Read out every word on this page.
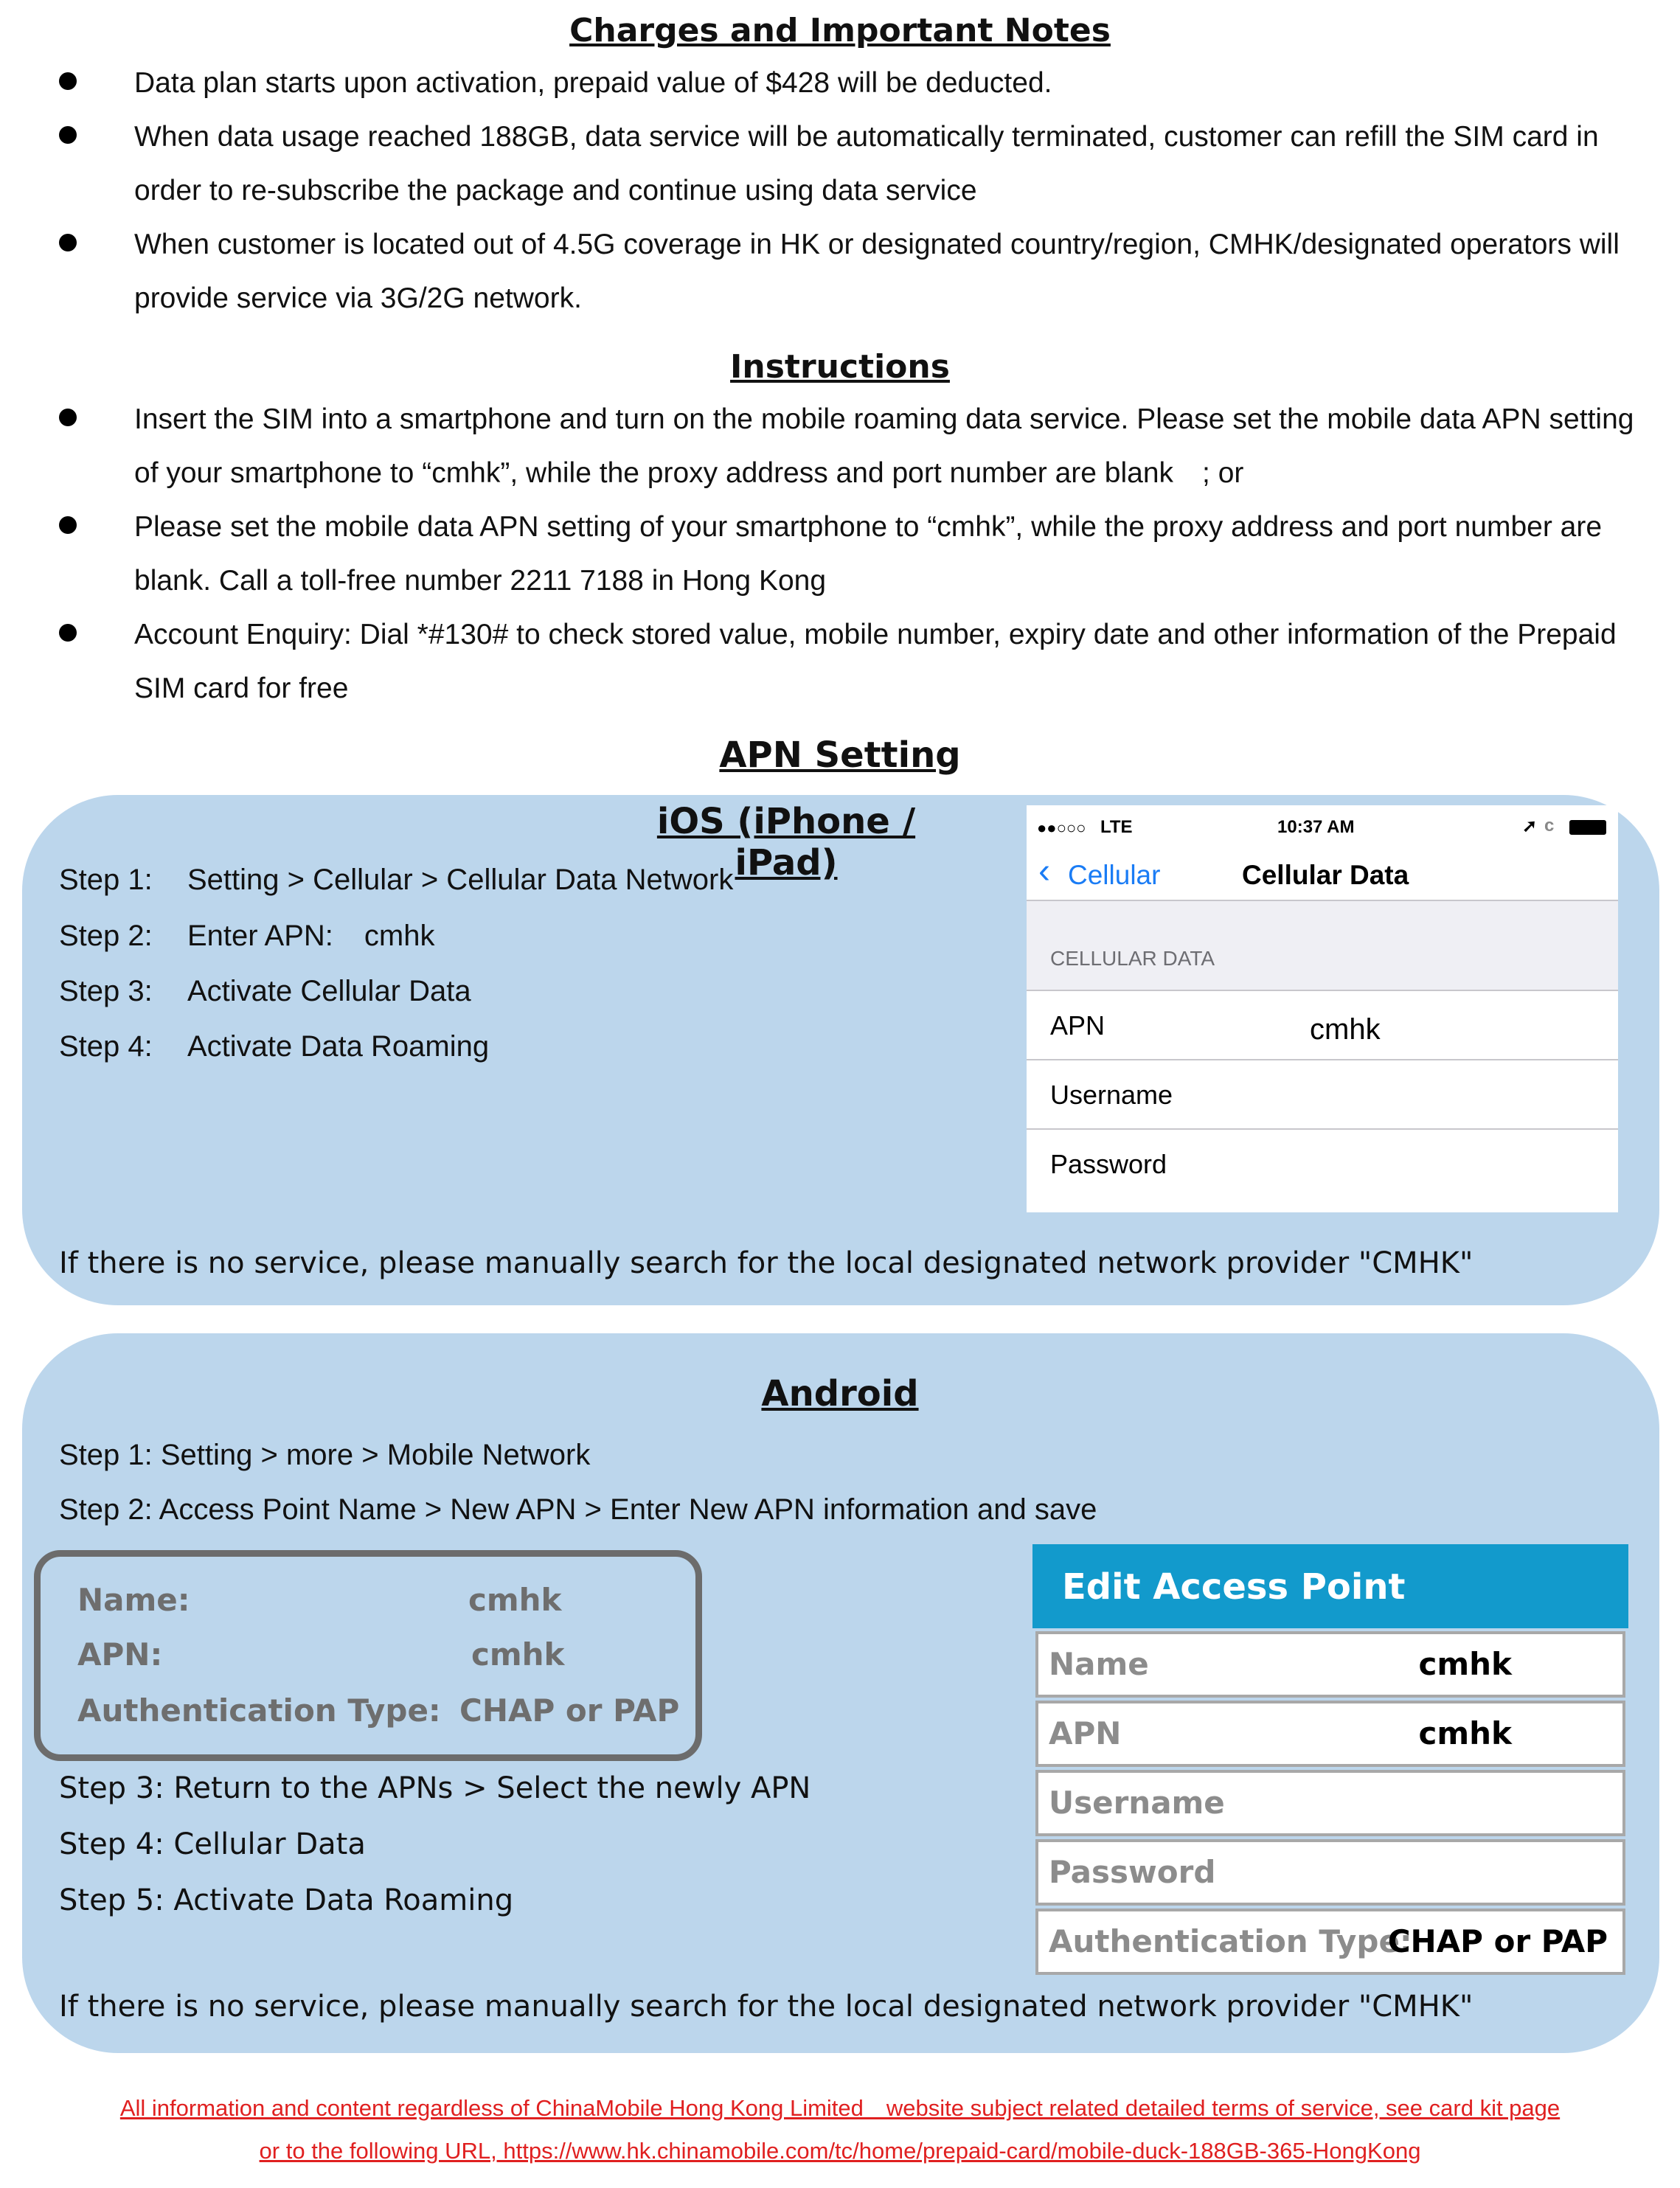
Charges and Important Notes
Data plan starts upon activation, prepaid value of $428 will be deducted.
When data usage reached 188GB, data service will be automatically terminated, customer can refill the SIM card in order to re-subscribe the package and continue using data service
When customer is located out of 4.5G coverage in HK or designated country/region, CMHK/designated operators will provide service via 3G/2G network.
Instructions
Insert the SIM into a smartphone and turn on the mobile roaming data service. Please set the mobile data APN setting of your smartphone to “cmhk”, while the proxy address and port number are blank　; or
Please set the mobile data APN setting of your smartphone to “cmhk”, while the proxy address and port number are blank. Call a toll-free number 2211 7188 in Hong Kong
Account Enquiry: Dial *#130# to check stored value, mobile number, expiry date and other information of the Prepaid SIM card for free
APN Setting
iOS (iPhone / iPad)
Step 1: Setting > Cellular > Cellular Data Network
Step 2: Enter APN: cmhk
Step 3: Activate Cellular Data
Step 4: Activate Data Roaming
●●○○○ LTE	10:37 AM	➚ ϲ
‹ Cellular	Cellular Data
CELLULAR DATA
APN	cmhk
Username
Password
If there is no service, please manually search for the local designated network provider "CMHK"
Android
Step 1: Setting > more > Mobile Network
Step 2: Access Point Name > New APN > Enter New APN information and save
Name:	cmhk
APN:	cmhk
Authentication Type: CHAP or PAP
Step 3: Return to the APNs > Select the newly APN
Step 4: Cellular Data
Step 5: Activate Data Roaming
Edit Access Point
Name	cmhk
APN	cmhk
Username
Password
Authentication Type:
CHAP or PAP
If there is no service, please manually search for the local designated network provider "CMHK"
All information and content regardless of ChinaMobile Hong Kong Limited　website subject related detailed terms of service, see card kit page
or to the following URL, https://www.hk.chinamobile.com/tc/home/prepaid-card/mobile-duck-188GB-365-HongKong
